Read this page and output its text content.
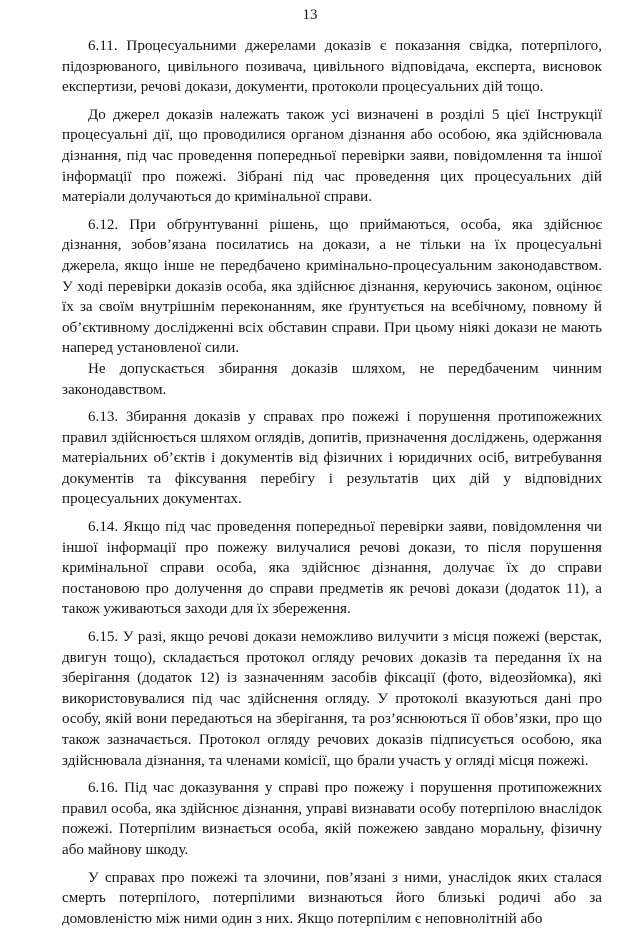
13

6.11. Процесуальними джерелами доказів є показання свідка, потерпілого, підозрюваного, цивільного позивача, цивільного відповідача, експерта, висновок експертизи, речові докази, документи, протоколи процесуальних дій тощо.

До джерел доказів належать також усі визначені в розділі 5 цієї Інструкції процесуальні дії, що проводилися органом дізнання або особою, яка здійснювала дізнання, під час проведення попередньої перевірки заяви, повідомлення та іншої інформації про пожежі. Зібрані під час проведення цих процесуальних дій матеріали долучаються до кримінальної справи.

6.12. При обґрунтуванні рішень, що приймаються, особа, яка здійснює дізнання, зобов’язана посилатись на докази, а не тільки на їх процесуальні джерела, якщо інше не передбачено кримінально-процесуальним законодавством. У ході перевірки доказів особа, яка здійснює дізнання, керуючись законом, оцінює їх за своїм внутрішнім переконанням, яке ґрунтується на всебічному, повному й об’єктивному дослідженні всіх обставин справи. При цьому ніякі докази не мають наперед установленої сили.

Не допускається збирання доказів шляхом, не передбаченим чинним законодавством.

6.13. Збирання доказів у справах про пожежі і порушення протипожежних правил здійснюється шляхом оглядів, допитів, призначення досліджень, одержання матеріальних об’єктів і документів від фізичних і юридичних осіб, витребування документів та фіксування перебігу і результатів цих дій у відповідних процесуальних документах.

6.14. Якщо під час проведення попередньої перевірки заяви, повідомлення чи іншої інформації про пожежу вилучалися речові докази, то після порушення кримінальної справи особа, яка здійснює дізнання, долучає їх до справи постановою про долучення до справи предметів як речові докази (додаток 11), а також уживаються заходи для їх збереження.

6.15. У разі, якщо речові докази неможливо вилучити з місця пожежі (верстак, двигун тощо), складається протокол огляду речових доказів та передання їх на зберігання (додаток 12) із зазначенням засобів фіксації (фото, відеозйомка), які використовувалися під час здійснення огляду. У протоколі вказуються дані про особу, якій вони передаються на зберігання, та роз’яснюються її обов’язки, про що також зазначається. Протокол огляду речових доказів підписується особою, яка здійснювала дізнання, та членами комісії, що брали участь у огляді місця пожежі.

6.16. Під час доказування у справі про пожежу і порушення протипожежних правил особа, яка здійснює дізнання, управі визнавати особу потерпілою внаслідок пожежі. Потерпілим визнається особа, якій пожежею завдано моральну, фізичну або майнову шкоду.

У справах про пожежі та злочини, пов’язані з ними, унаслідок яких сталася смерть потерпілого, потерпілими визнаються його близькі родичі або за домовленістю між ними один з них. Якщо потерпілим є неповнолітній або
